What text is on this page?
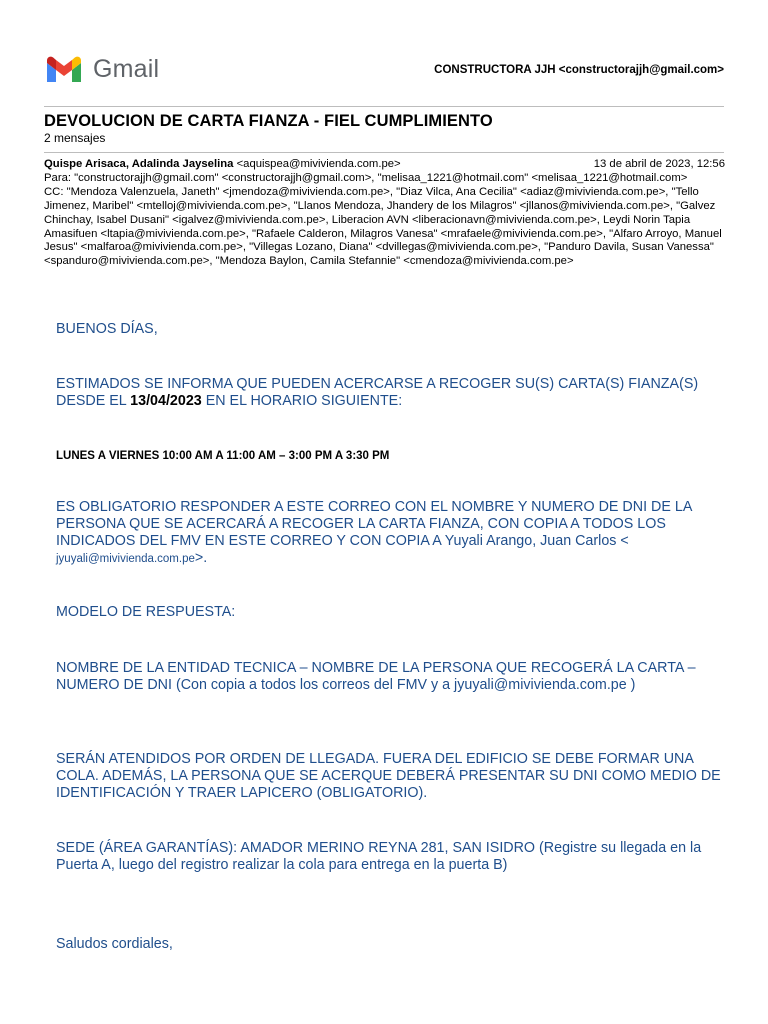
Gmail	CONSTRUCTORA JJH <constructorajjh@gmail.com>
DEVOLUCION DE CARTA FIANZA - FIEL CUMPLIMIENTO
2 mensajes
Quispe Arisaca, Adalinda Jayselina <aquispea@mivivienda.com.pe>	13 de abril de 2023, 12:56
Para: "constructorajjh@gmail.com" <constructorajjh@gmail.com>, "melisaa_1221@hotmail.com" <melisaa_1221@hotmail.com>
CC: "Mendoza Valenzuela, Janeth" <jmendoza@mivivienda.com.pe>, "Diaz Vilca, Ana Cecilia" <adiaz@mivivienda.com.pe>, "Tello Jimenez, Maribel" <mtelloj@mivivienda.com.pe>, "Llanos Mendoza, Jhandery de los Milagros" <jllanos@mivivienda.com.pe>, "Galvez Chinchay, Isabel Dusani" <igalvez@mivivienda.com.pe>, Liberacion AVN <liberacionavn@mivivienda.com.pe>, Leydi Norin Tapia Amasifuen <ltapia@mivivienda.com.pe>, "Rafaele Calderon, Milagros Vanesa" <mrafaele@mivivienda.com.pe>, "Alfaro Arroyo, Manuel Jesus" <malfaroa@mivivienda.com.pe>, "Villegas Lozano, Diana" <dvillegas@mivivienda.com.pe>, "Panduro Davila, Susan Vanessa" <spanduro@mivivienda.com.pe>, "Mendoza Baylon, Camila Stefannie" <cmendoza@mivivienda.com.pe>
BUENOS DÍAS,
ESTIMADOS SE INFORMA QUE PUEDEN ACERCARSE A RECOGER SU(S) CARTA(S) FIANZA(S) DESDE EL 13/04/2023 EN EL HORARIO SIGUIENTE:
LUNES A VIERNES 10:00 AM A 11:00 AM – 3:00 PM A 3:30 PM
ES OBLIGATORIO RESPONDER A ESTE CORREO CON EL NOMBRE Y NUMERO DE DNI DE LA PERSONA QUE SE ACERCARÁ A RECOGER LA CARTA FIANZA, CON COPIA A TODOS LOS INDICADOS DEL FMV EN ESTE CORREO Y CON COPIA A Yuyali Arango, Juan Carlos < jyuyali@mivivienda.com.pe>.
MODELO DE RESPUESTA:
NOMBRE DE LA ENTIDAD TECNICA – NOMBRE DE LA PERSONA QUE RECOGERÁ LA CARTA – NUMERO DE DNI (Con copia a todos los correos del FMV y a jyuyali@mivivienda.com.pe )
SERÁN ATENDIDOS POR ORDEN DE LLEGADA. FUERA DEL EDIFICIO SE DEBE FORMAR UNA COLA. ADEMÁS, LA PERSONA QUE SE ACERQUE DEBERÁ PRESENTAR SU DNI COMO MEDIO DE IDENTIFICACIÓN Y TRAER LAPICERO (OBLIGATORIO).
SEDE (ÁREA GARANTÍAS): AMADOR MERINO REYNA 281, SAN ISIDRO (Registre su llegada en la Puerta A, luego del registro realizar la cola para entrega en la puerta B)
Saludos cordiales,
